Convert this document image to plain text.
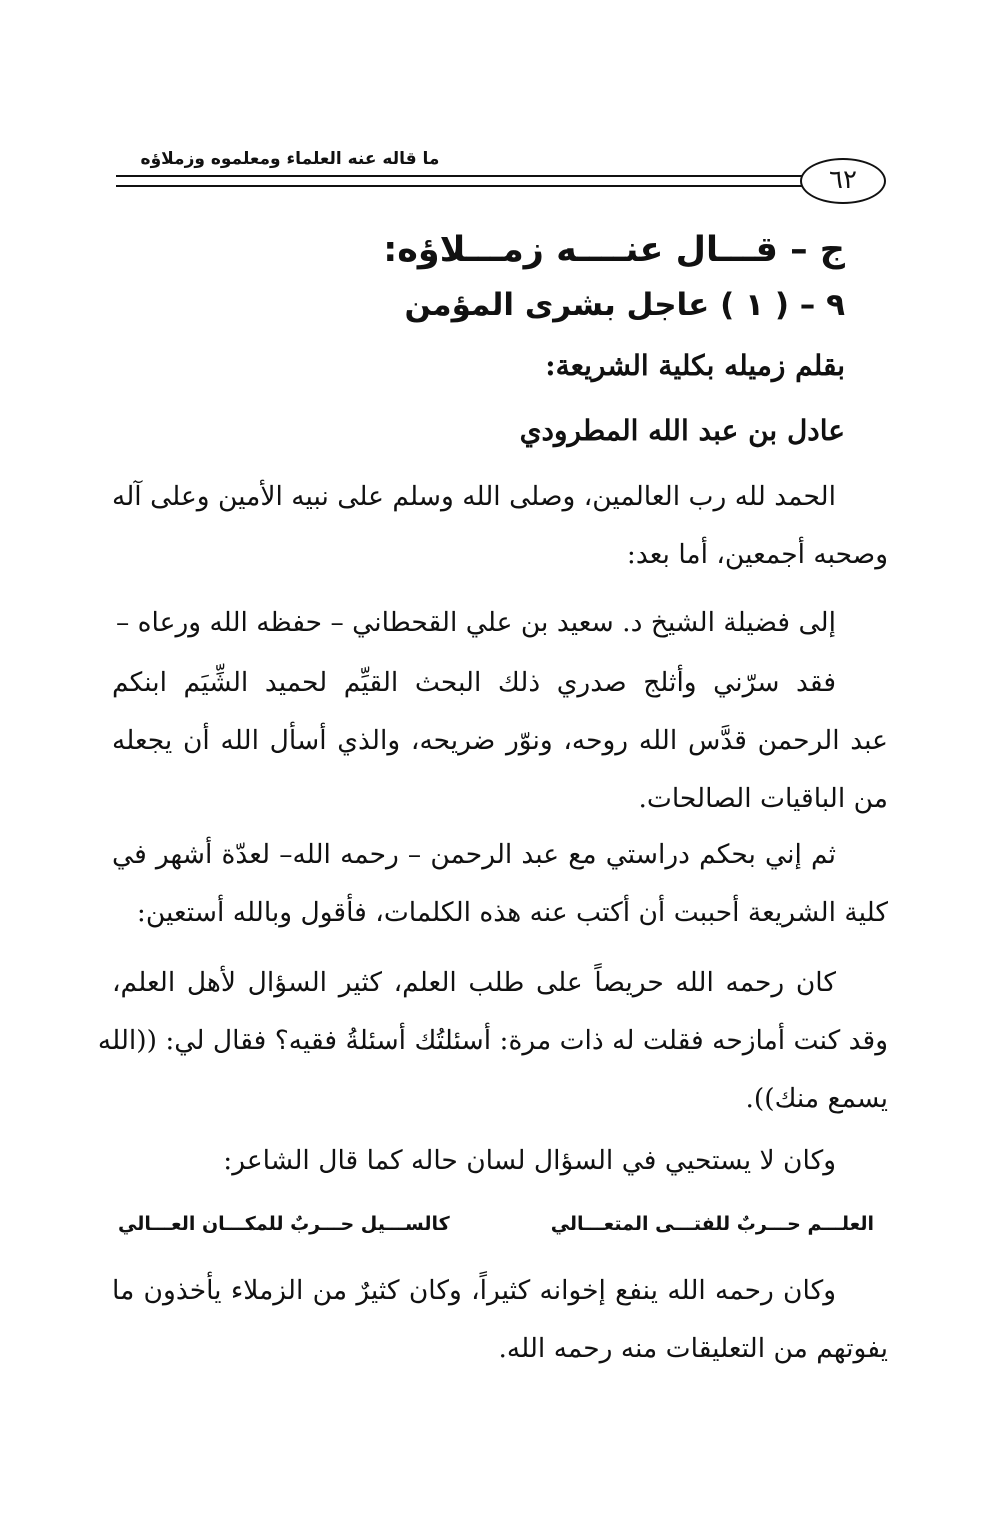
ما قاله عنه العلماء ومعلموه وزملاؤه
٦٢
ج – قـــال عنــــه زمـــلاؤه:
٩ – ( ١ ) عاجل بشرى المؤمن
بقلم زميله بكلية الشريعة:
عادل بن عبد الله المطرودي
الحمد لله رب العالمين، وصلى الله وسلم على نبيه الأمين وعلى آله
وصحبه أجمعين، أما بعد:
إلى فضيلة الشيخ د. سعيد بن علي القحطاني – حفظه الله ورعاه –
فقد سرّني وأثلج صدري ذلك البحث القيِّم لحميد الشِّيَم ابنكم
عبد الرحمن قدَّس الله روحه، ونوّر ضريحه، والذي أسأل الله أن يجعله
من الباقيات الصالحات.
ثم إني بحكم دراستي مع عبد الرحمن – رحمه الله– لعدّة أشهر في
كلية الشريعة أحببت أن أكتب عنه هذه الكلمات، فأقول وبالله أستعين:
كان رحمه الله حريصاً على طلب العلم، كثير السؤال لأهل العلم،
وقد كنت أمازحه فقلت له ذات مرة: أسئلتُك أسئلةُ فقيه؟ فقال لي: ((الله
يسمع منك)).
وكان لا يستحيي في السؤال لسان حاله كما قال الشاعر:
العلـــم حـــربٌ للفتـــى المتعـــالي
كالســـيل حـــربٌ للمكـــان العـــالي
وكان رحمه الله ينفع إخوانه كثيراً، وكان كثيرٌ من الزملاء يأخذون ما
يفوتهم من التعليقات منه رحمه الله.
